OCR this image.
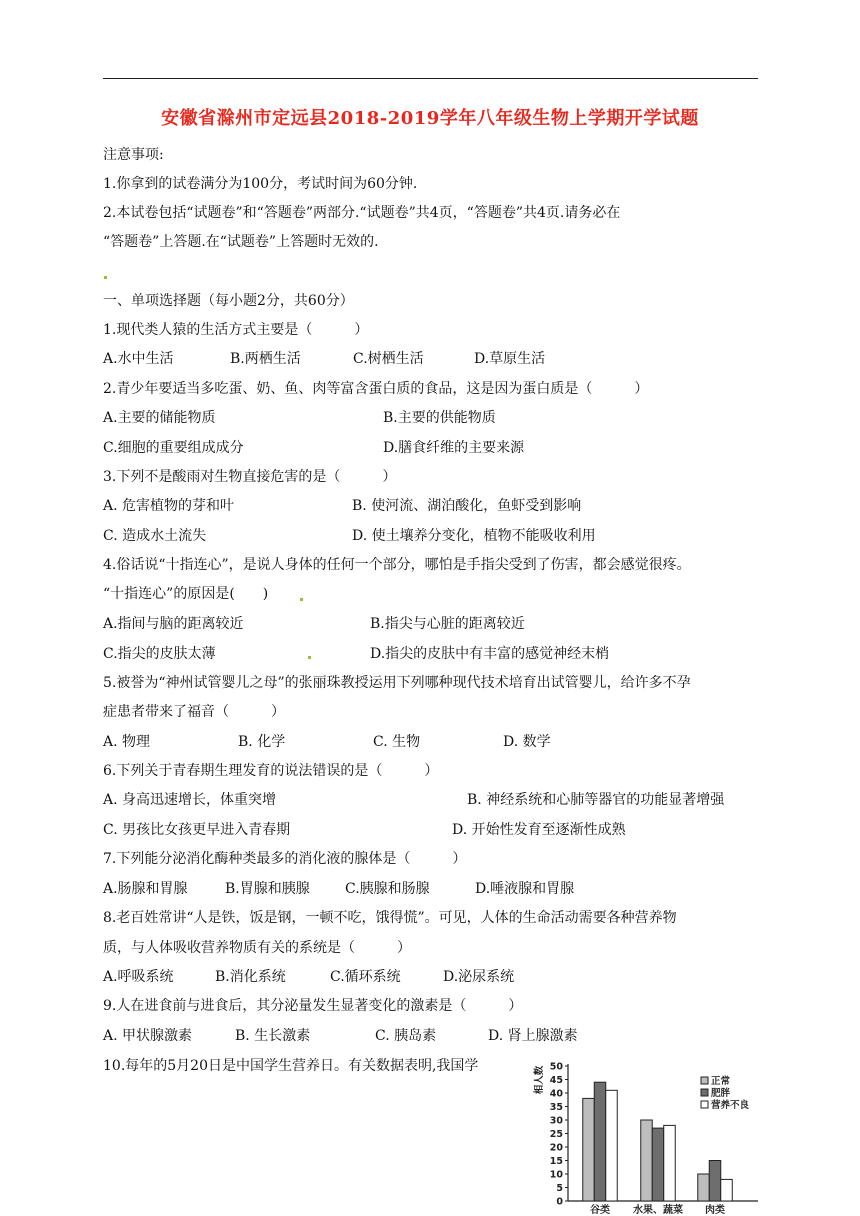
安徽省滁州市定远县2018-2019学年八年级生物上学期开学试题
注意事项:
1.你拿到的试卷满分为100分，考试时间为60分钟.
2.本试卷包括“试题卷”和“答题卷”两部分.“试题卷”共4页，“答题卷”共4页.请务必在
“答题卷”上答题.在“试题卷”上答题时无效的.
一、单项选择题（每小题2分，共60分）
1.现代类人猿的生活方式主要是（　　　）
A.水中生活	B.两栖生活	C.树栖生活	D.草原生活
2.青少年要适当多吃蛋、奶、鱼、肉等富含蛋白质的食品，这是因为蛋白质是（　　　）
A.主要的储能物质	B.主要的供能物质
C.细胞的重要组成成分	D.膳食纤维的主要来源
3.下列不是酸雨对生物直接危害的是（　　　）
A. 危害植物的芽和叶	B. 使河流、湖泊酸化，鱼虾受到影响
C. 造成水土流失	D. 使土壤养分变化，植物不能吸收利用
4.俗话说“十指连心”，是说人身体的任何一个部分，哪怕是手指尖受到了伤害，都会感觉很疼。
“十指连心”的原因是(　　)
A.指间与脑的距离较近	B.指尖与心脏的距离较近
C.指尖的皮肤太薄	D.指尖的皮肤中有丰富的感觉神经末梢
5.被誉为“神州试管婴儿之母”的张丽珠教授运用下列哪种现代技术培育出试管婴儿，给许多不孕
症患者带来了福音（　　　）
A. 物理	B. 化学	C. 生物	D. 数学
6.下列关于青春期生理发育的说法错误的是（　　　）
A. 身高迅速增长，体重突增	B. 神经系统和心肺等器官的功能显著增强
C. 男孩比女孩更早进入青春期	D. 开始性发育至逐渐性成熟
7.下列能分泌消化酶种类最多的消化液的腺体是（　　　）
A.肠腺和胃腺	B.胃腺和胰腺	C.胰腺和肠腺	D.唾液腺和胃腺
8.老百姓常讲“人是铁，饭是钢，一顿不吃，饿得慌”。可见，人体的生命活动需要各种营养物
质，与人体吸收营养物质有关的系统是（　　　）
A.呼吸系统	B.消化系统	C.循环系统	D.泌尿系统
9.人在进食前与进食后，其分泌量发生显著变化的激素是（　　　）
A. 甲状腺激素	B. 生长激素	C. 胰岛素	D. 肾上腺激素
10.每年的5月20日是中国学生营养日。有关数据表明,我国学	50
45
40
35
30
25
20
15
10
5
0
相人数
谷类 水果、蔬菜 肉类
正常
肥胖
营养不良
